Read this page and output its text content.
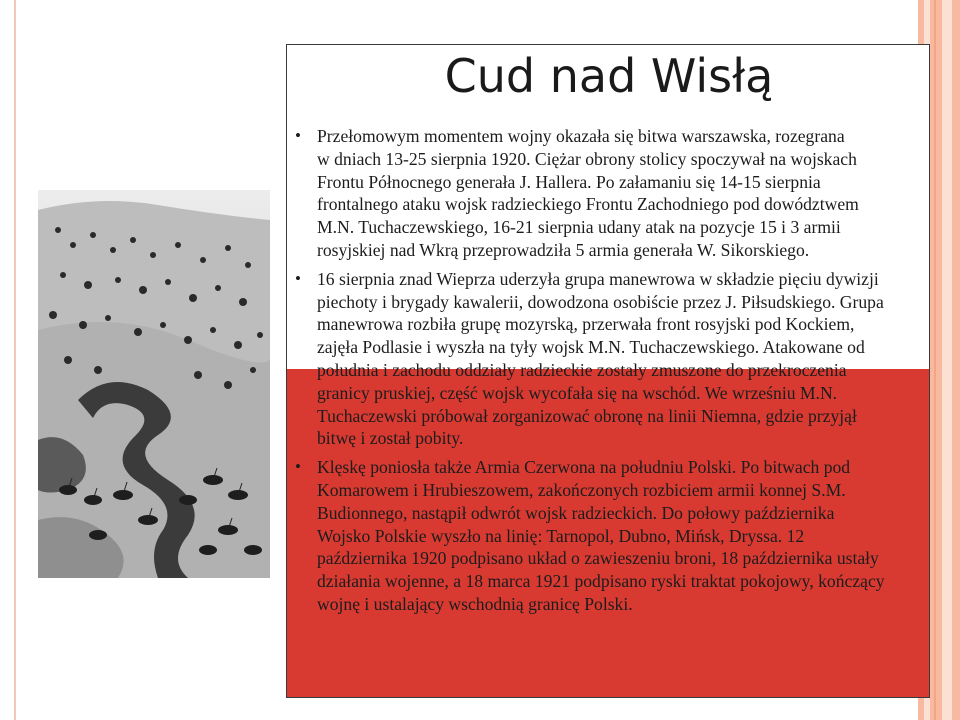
Cud nad Wisłą
• Przełomowym momentem wojny okazała się bitwa warszawska, rozegrana
w dniach 13-25 sierpnia 1920. Ciężar obrony stolicy spoczywał na wojskach
Frontu Północnego generała J. Hallera. Po załamaniu się 14-15 sierpnia
frontalnego ataku wojsk radzieckiego Frontu Zachodniego pod dowództwem
M.N. Tuchaczewskiego, 16-21 sierpnia udany atak na pozycje 15 i 3 armii
rosyjskiej nad Wkrą przeprowadziła 5 armia generała W. Sikorskiego.
• 16 sierpnia znad Wieprza uderzyła grupa manewrowa w składzie pięciu dywizji
piechoty i brygady kawalerii, dowodzona osobiście przez J. Piłsudskiego. Grupa
manewrowa rozbiła grupę mozyrską, przerwała front rosyjski pod Kockiem,
zajęła Podlasie i wyszła na tyły wojsk M.N. Tuchaczewskiego. Atakowane od
południa i zachodu oddziały radzieckie zostały zmuszone do przekroczenia
granicy pruskiej, część wojsk wycofała się na wschód. We wrześniu M.N.
Tuchaczewski próbował zorganizować obronę na linii Niemna, gdzie przyjął
bitwę i został pobity.
• Klęskę poniosła także Armia Czerwona na południu Polski. Po bitwach pod
Komarowem i Hrubieszowem, zakończonych rozbiciem armii konnej S.M.
Budionnego, nastąpił odwrót wojsk radzieckich. Do połowy października
Wojsko Polskie wyszło na linię: Tarnopol, Dubno, Mińsk, Dryssa. 12
października 1920 podpisano układ o zawieszeniu broni, 18 października ustały
działania wojenne, a 18 marca 1921 podpisano ryski traktat pokojowy, kończący
wojnę i ustalający wschodnią granicę Polski.
